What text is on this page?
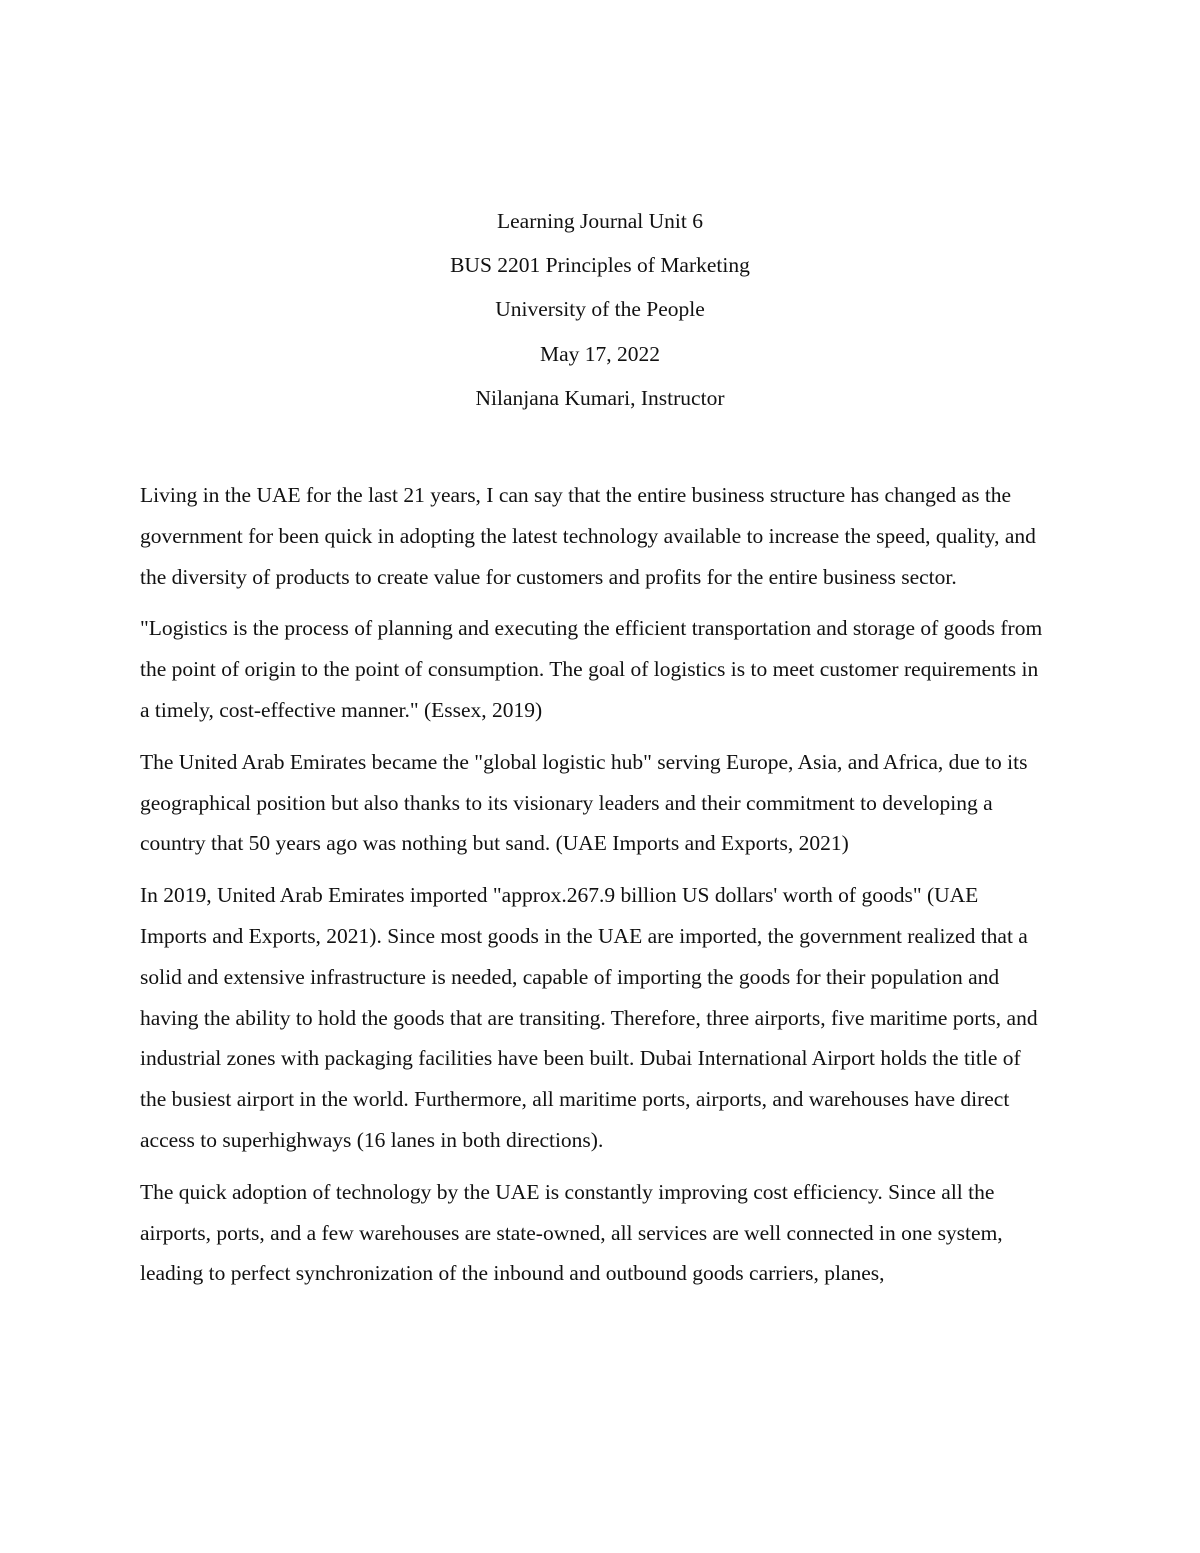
Learning Journal Unit 6

BUS 2201 Principles of Marketing

University of the People

May 17, 2022

Nilanjana Kumari, Instructor

Living in the UAE for the last 21 years, I can say that the entire business structure has changed as the government for been quick in adopting the latest technology available to increase the speed, quality, and the diversity of products to create value for customers and profits for the entire business sector.

"Logistics is the process of planning and executing the efficient transportation and storage of goods from the point of origin to the point of consumption. The goal of logistics is to meet customer requirements in a timely, cost-effective manner." (Essex, 2019)

The United Arab Emirates became the "global logistic hub" serving Europe, Asia, and Africa, due to its geographical position but also thanks to its visionary leaders and their commitment to developing a country that 50 years ago was nothing but sand. (UAE Imports and Exports, 2021)

In 2019, United Arab Emirates imported "approx.267.9 billion US dollars' worth of goods" (UAE Imports and Exports, 2021). Since most goods in the UAE are imported, the government realized that a solid and extensive infrastructure is needed, capable of importing the goods for their population and having the ability to hold the goods that are transiting. Therefore, three airports, five maritime ports, and industrial zones with packaging facilities have been built. Dubai International Airport holds the title of the busiest airport in the world. Furthermore, all maritime ports, airports, and warehouses have direct access to superhighways (16 lanes in both directions).

The quick adoption of technology by the UAE is constantly improving cost efficiency. Since all the airports, ports, and a few warehouses are state-owned, all services are well connected in one system, leading to perfect synchronization of the inbound and outbound goods carriers, planes,
